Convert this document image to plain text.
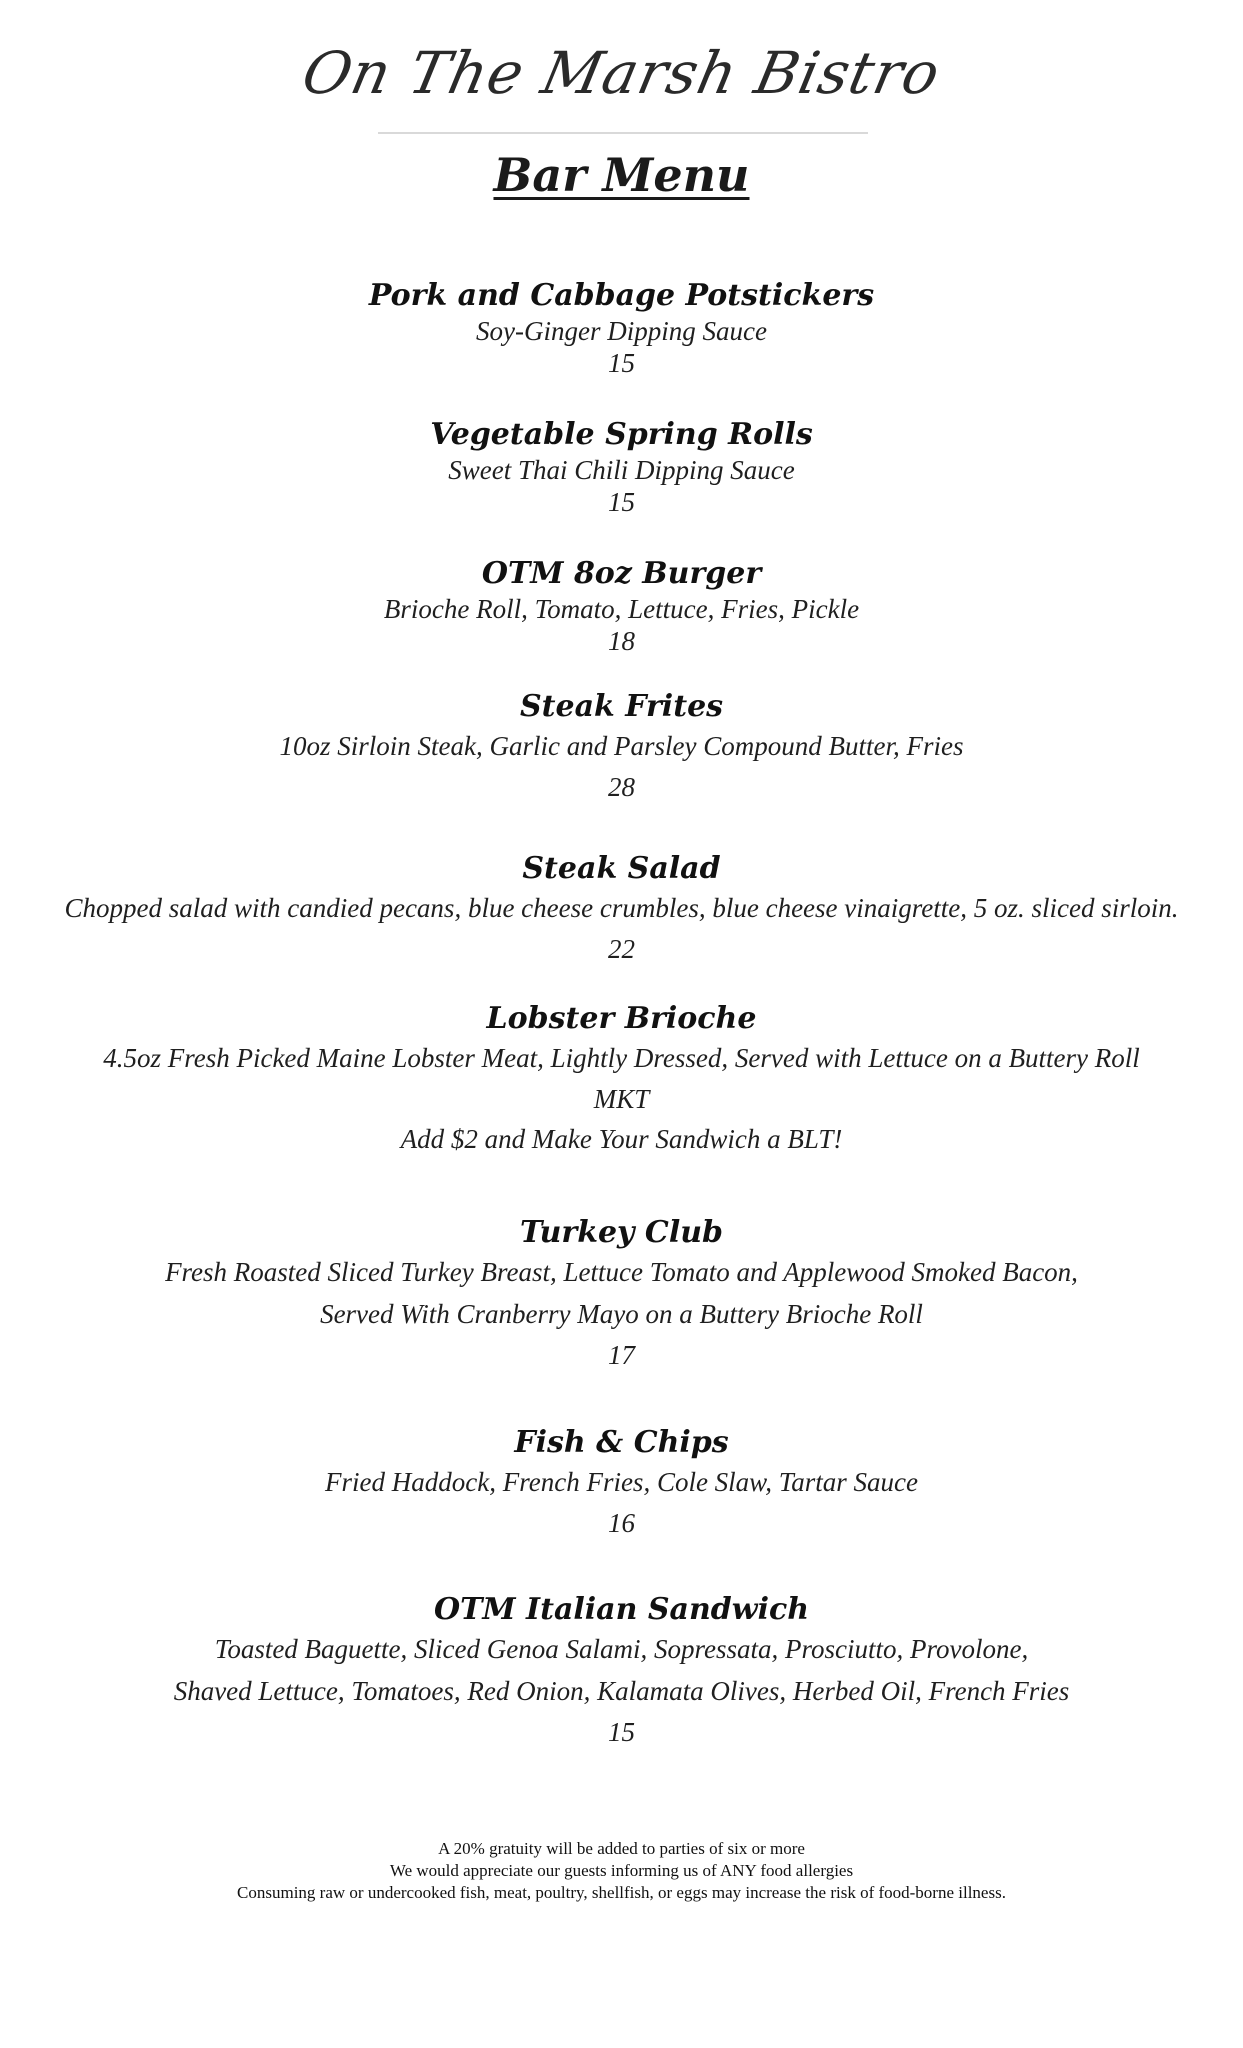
On The Marsh Bistro
Bar Menu
Pork and Cabbage Potstickers
Soy-Ginger Dipping Sauce
15
Vegetable Spring Rolls
Sweet Thai Chili Dipping Sauce
15
OTM 8oz Burger
Brioche Roll, Tomato, Lettuce, Fries, Pickle
18
Steak Frites
10oz Sirloin Steak, Garlic and Parsley Compound Butter, Fries
28
Steak Salad
Chopped salad with candied pecans, blue cheese crumbles, blue cheese vinaigrette, 5 oz. sliced sirloin.
22
Lobster Brioche
4.5oz Fresh Picked Maine Lobster Meat, Lightly Dressed, Served with Lettuce on a Buttery Roll
MKT
Add $2 and Make Your Sandwich a BLT!
Turkey Club
Fresh Roasted Sliced Turkey Breast, Lettuce Tomato and Applewood Smoked Bacon,
Served With Cranberry Mayo on a Buttery Brioche Roll
17
Fish & Chips
Fried Haddock, French Fries, Cole Slaw, Tartar Sauce
16
OTM Italian Sandwich
Toasted Baguette, Sliced Genoa Salami, Sopressata, Prosciutto, Provolone,
Shaved Lettuce, Tomatoes, Red Onion, Kalamata Olives, Herbed Oil, French Fries
15
A 20% gratuity will be added to parties of six or more
We would appreciate our guests informing us of ANY food allergies
Consuming raw or undercooked fish, meat, poultry, shellfish, or eggs may increase the risk of food-borne illness.
